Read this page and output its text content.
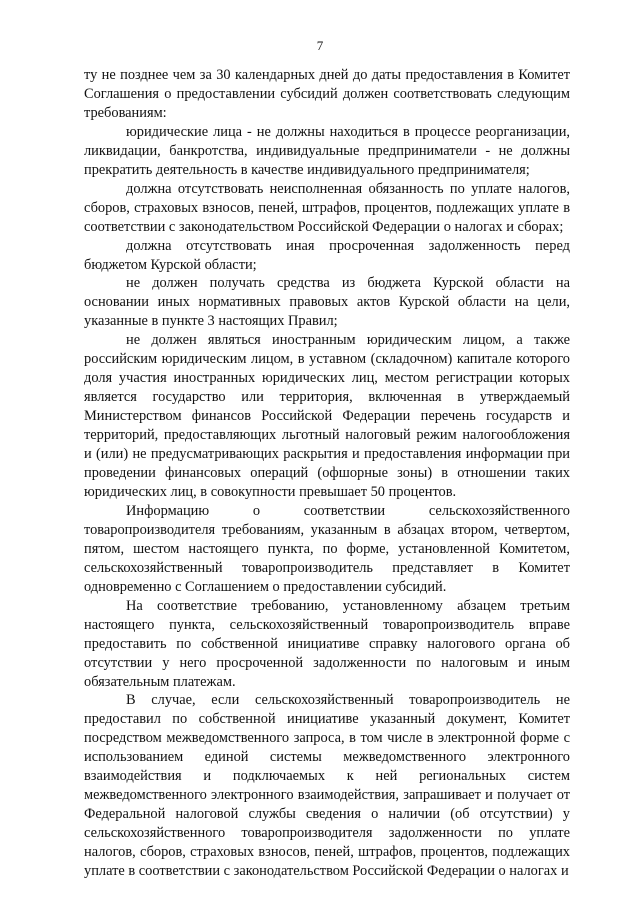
7

ту не позднее чем за 30 календарных дней до даты предоставления в Комитет Соглашения о предоставлении субсидий должен соответствовать следующим требованиям:

юридические лица - не должны находиться в процессе реорганизации, ликвидации, банкротства, индивидуальные предприниматели - не должны прекратить деятельность в качестве индивидуального предпринимателя;

должна отсутствовать неисполненная обязанность по уплате налогов, сборов, страховых взносов, пеней, штрафов, процентов, подлежащих уплате в соответствии с законодательством Российской Федерации о налогах и сборах;

должна отсутствовать иная просроченная задолженность перед бюджетом Курской области;

не должен получать средства из бюджета Курской области на основании иных нормативных правовых актов Курской области на цели, указанные в пункте 3 настоящих Правил;

не должен являться иностранным юридическим лицом, а также российским юридическим лицом, в уставном (складочном) капитале которого доля участия иностранных юридических лиц, местом регистрации которых является государство или территория, включенная в утверждаемый Министерством финансов Российской Федерации перечень государств и территорий, предоставляющих льготный налоговый режим налогообложения и (или) не предусматривающих раскрытия и предоставления информации при проведении финансовых операций (офшорные зоны) в отношении таких юридических лиц, в совокупности превышает 50 процентов.

Информацию о соответствии сельскохозяйственного товаропроизводителя требованиям, указанным в абзацах втором, четвертом, пятом, шестом настоящего пункта, по форме, установленной Комитетом, сельскохозяйственный товаропроизводитель представляет в Комитет одновременно с Соглашением о предоставлении субсидий.

На соответствие требованию, установленному абзацем третьим настоящего пункта, сельскохозяйственный товаропроизводитель вправе предоставить по собственной инициативе справку налогового органа об отсутствии у него просроченной задолженности по налоговым и иным обязательным платежам.

В случае, если сельскохозяйственный товаропроизводитель не предоставил по собственной инициативе указанный документ, Комитет посредством межведомственного запроса, в том числе в электронной форме с использованием единой системы межведомственного электронного взаимодействия и подключаемых к ней региональных систем межведомственного электронного взаимодействия, запрашивает и получает от Федеральной налоговой службы сведения о наличии (об отсутствии) у сельскохозяйственного товаропроизводителя задолженности по уплате налогов, сборов, страховых взносов, пеней, штрафов, процентов, подлежащих уплате в соответствии с законодательством Российской Федерации о налогах и
